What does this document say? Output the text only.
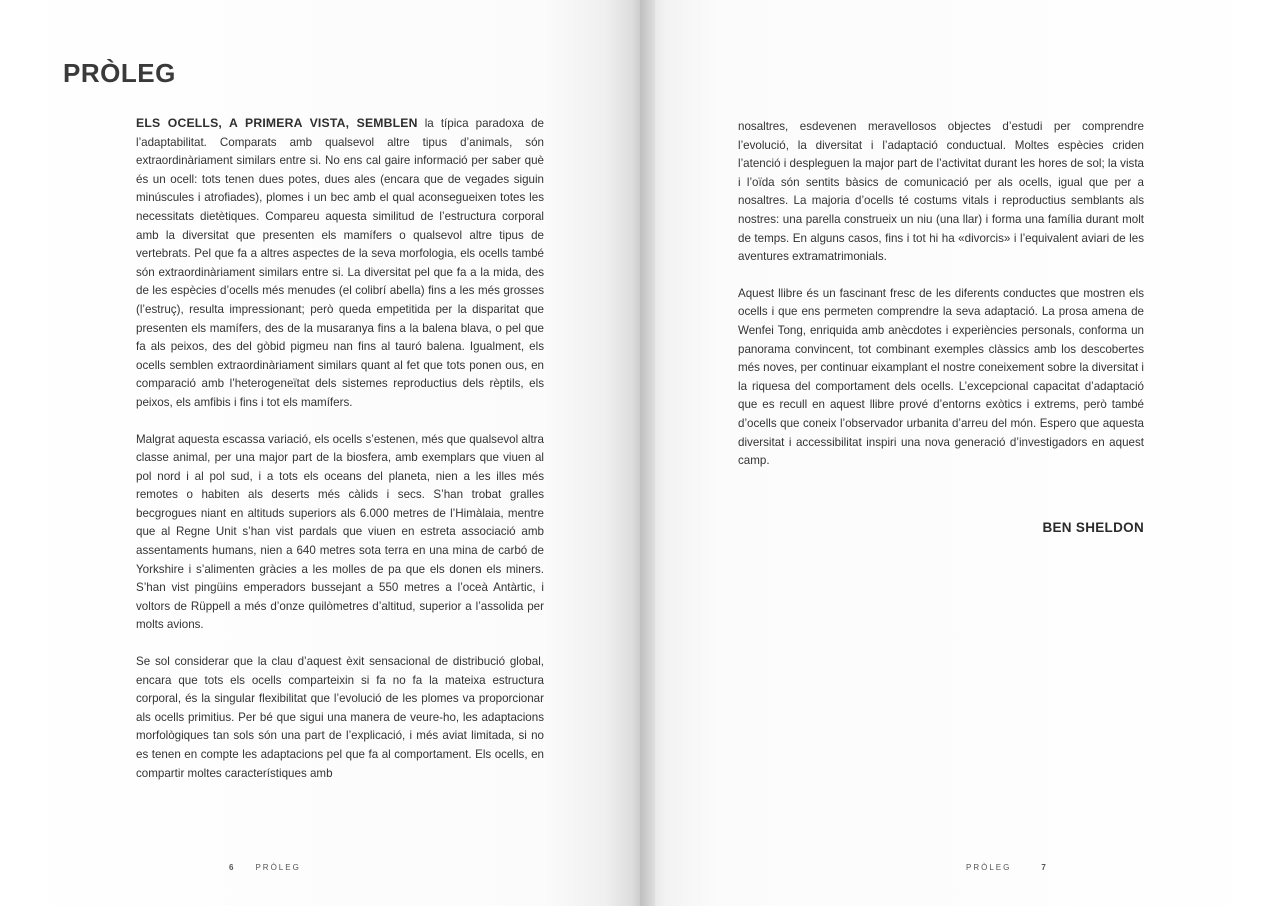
PRÒLEG

ELS OCELLS, A PRIMERA VISTA, SEMBLEN la típica paradoxa de l’adaptabilitat. Comparats amb qualsevol altre tipus d’animals, són extraordinàriament similars entre si. No ens cal gaire informació per saber què és un ocell: tots tenen dues potes, dues ales (encara que de vegades siguin minúscules i atrofiades), plomes i un bec amb el qual aconsegueixen totes les necessitats dietètiques. Compareu aquesta similitud de l’estructura corporal amb la diversitat que presenten els mamífers o qualsevol altre tipus de vertebrats. Pel que fa a altres aspectes de la seva morfologia, els ocells també són extraordinàriament similars entre si. La diversitat pel que fa a la mida, des de les espècies d’ocells més menudes (el colibrí abella) fins a les més grosses (l’estruç), resulta impressionant; però queda empetitida per la disparitat que presenten els mamífers, des de la musaranya fins a la balena blava, o pel que fa als peixos, des del gòbid pigmeu nan fins al tauró balena. Igualment, els ocells semblen extraordinàriament similars quant al fet que tots ponen ous, en comparació amb l’heterogeneïtat dels sistemes reproductius dels rèptils, els peixos, els amfibis i fins i tot els mamífers.

Malgrat aquesta escassa variació, els ocells s’estenen, més que qualsevol altra classe animal, per una major part de la biosfera, amb exemplars que viuen al pol nord i al pol sud, i a tots els oceans del planeta, nien a les illes més remotes o habiten als deserts més càlids i secs. S’han trobat gralles becgrogues niant en altituds superiors als 6.000 metres de l’Himàlaia, mentre que al Regne Unit s’han vist pardals que viuen en estreta associació amb assentaments humans, nien a 640 metres sota terra en una mina de carbó de Yorkshire i s’alimenten gràcies a les molles de pa que els donen els miners. S’han vist pingüins emperadors bussejant a 550 metres a l’oceà Antàrtic, i voltors de Rüppell a més d’onze quilòmetres d’altitud, superior a l’assolida per molts avions.

Se sol considerar que la clau d’aquest èxit sensacional de distribució global, encara que tots els ocells comparteixin si fa no fa la mateixa estructura corporal, és la singular flexibilitat que l’evolució de les plomes va proporcionar als ocells primitius. Per bé que sigui una manera de veure-ho, les adaptacions morfològiques tan sols són una part de l’explicació, i més aviat limitada, si no es tenen en compte les adaptacions pel que fa al comportament. Els ocells, en compartir moltes característiques amb

6	PRÒLEG

nosaltres, esdevenen meravellosos objectes d’estudi per comprendre l’evolució, la diversitat i l’adaptació conductual. Moltes espècies criden l’atenció i despleguen la major part de l’activitat durant les hores de sol; la vista i l’oïda són sentits bàsics de comunicació per als ocells, igual que per a nosaltres. La majoria d’ocells té costums vitals i reproductius semblants als nostres: una parella construeix un niu (una llar) i forma una família durant molt de temps. En alguns casos, fins i tot hi ha «divorcis» i l’equivalent aviari de les aventures extramatrimonials.

Aquest llibre és un fascinant fresc de les diferents conductes que mostren els ocells i que ens permeten comprendre la seva adaptació. La prosa amena de Wenfei Tong, enriquida amb anècdotes i experiències personals, conforma un panorama convincent, tot combinant exemples clàssics amb los descobertes més noves, per continuar eixamplant el nostre coneixement sobre la diversitat i la riquesa del comportament dels ocells. L’excepcional capacitat d’adaptació que es recull en aquest llibre prové d’entorns exòtics i extrems, però també d’ocells que coneix l’observador urbanita d’arreu del món. Espero que aquesta diversitat i accessibilitat inspiri una nova generació d’investigadors en aquest camp.

BEN SHELDON
PRÒLEG	7
